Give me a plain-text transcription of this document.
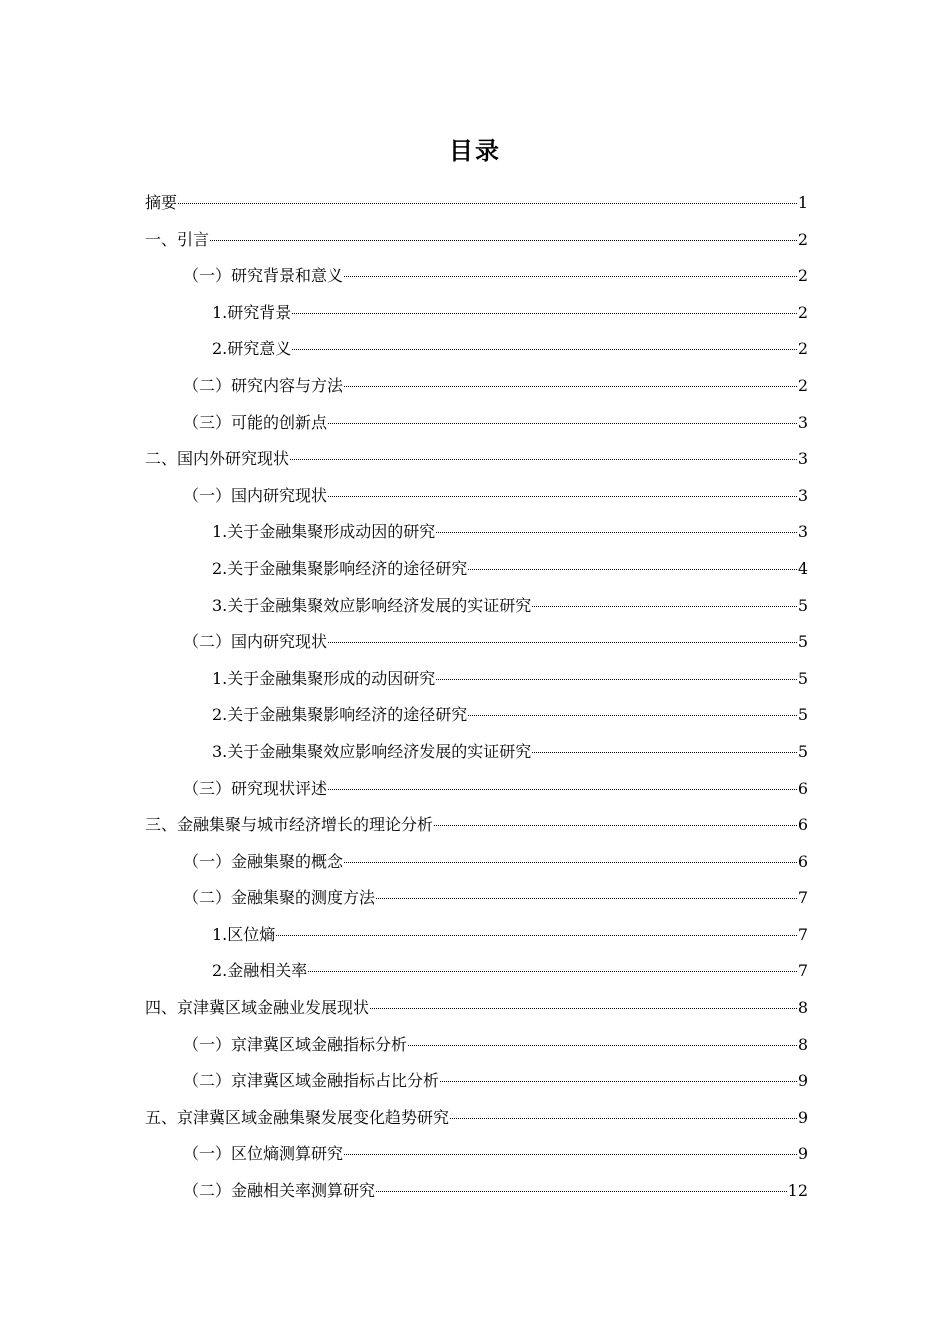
目录
摘要	1
一、引言	2
（一）研究背景和意义	2
1.研究背景	2
2.研究意义	2
（二）研究内容与方法	2
（三）可能的创新点	3
二、国内外研究现状	3
（一）国内研究现状	3
1.关于金融集聚形成动因的研究	3
2.关于金融集聚影响经济的途径研究	4
3.关于金融集聚效应影响经济发展的实证研究	5
（二）国内研究现状	5
1.关于金融集聚形成的动因研究	5
2.关于金融集聚影响经济的途径研究	5
3.关于金融集聚效应影响经济发展的实证研究	5
（三）研究现状评述	6
三、金融集聚与城市经济增长的理论分析	6
（一）金融集聚的概念	6
（二）金融集聚的测度方法	7
1.区位熵	7
2.金融相关率	7
四、京津冀区域金融业发展现状	8
（一）京津冀区域金融指标分析	8
（二）京津冀区域金融指标占比分析	9
五、京津冀区域金融集聚发展变化趋势研究	9
（一）区位熵测算研究	9
（二）金融相关率测算研究	12
